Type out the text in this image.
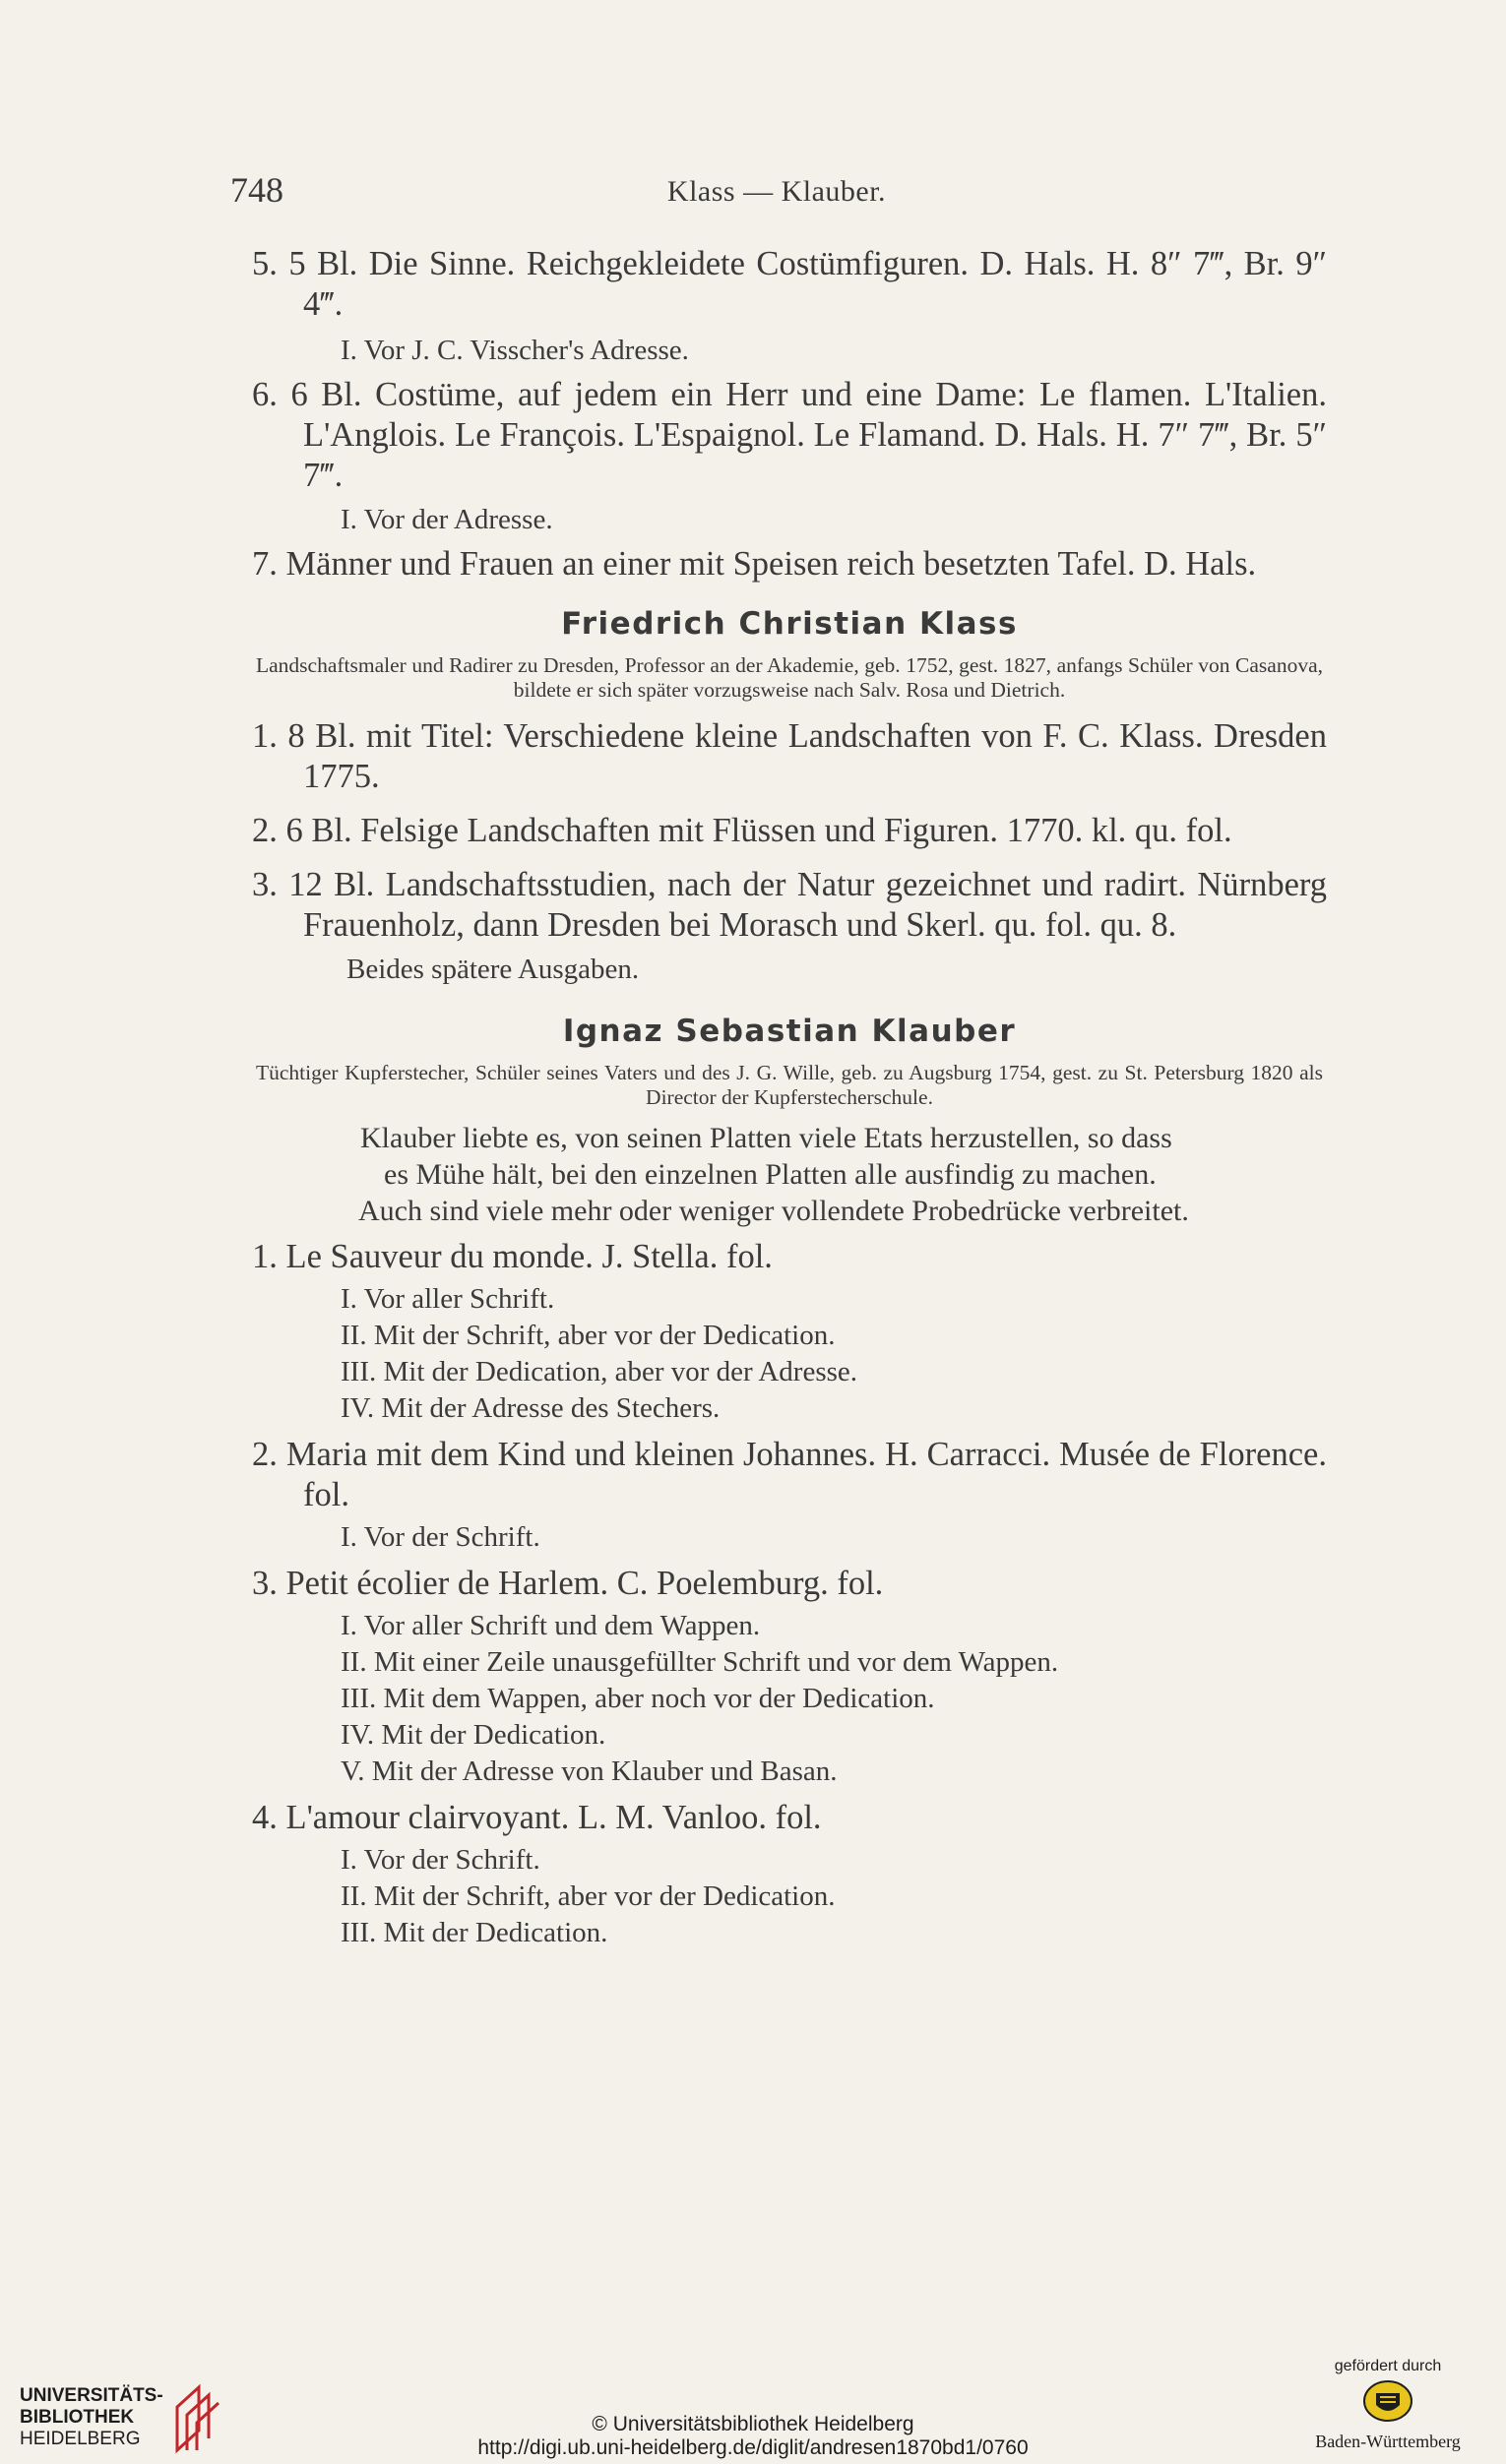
748	Klass — Klauber.
5. 5 Bl. Die Sinne. Reichgekleidete Costümfiguren. D. Hals. H. 8″ 7‴, Br. 9″ 4‴.
I. Vor J. C. Visscher's Adresse.
6. 6 Bl. Costüme, auf jedem ein Herr und eine Dame: Le flamen. L'Italien. L'Anglois. Le François. L'Espaignol. Le Flamand. D. Hals. H. 7″ 7‴, Br. 5″ 7‴.
I. Vor der Adresse.
7. Männer und Frauen an einer mit Speisen reich besetzten Tafel. D. Hals.
Friedrich Christian Klass
Landschaftsmaler und Radirer zu Dresden, Professor an der Akademie, geb. 1752, gest. 1827, anfangs Schüler von Casanova, bildete er sich später vorzugsweise nach Salv. Rosa und Dietrich.
1. 8 Bl. mit Titel: Verschiedene kleine Landschaften von F. C. Klass. Dresden 1775.
2. 6 Bl. Felsige Landschaften mit Flüssen und Figuren. 1770. kl. qu. fol.
3. 12 Bl. Landschaftsstudien, nach der Natur gezeichnet und radirt. Nürnberg Frauenholz, dann Dresden bei Morasch und Skerl. qu. fol. qu. 8.
Beides spätere Ausgaben.
Ignaz Sebastian Klauber
Tüchtiger Kupferstecher, Schüler seines Vaters und des J. G. Wille, geb. zu Augsburg 1754, gest. zu St. Petersburg 1820 als Director der Kupferstecherschule.
Klauber liebte es, von seinen Platten viele Etats herzustellen, so dass
es Mühe hält, bei den einzelnen Platten alle ausfindig zu machen.
Auch sind viele mehr oder weniger vollendete Probedrücke verbreitet.
1. Le Sauveur du monde. J. Stella. fol.
I. Vor aller Schrift.
II. Mit der Schrift, aber vor der Dedication.
III. Mit der Dedication, aber vor der Adresse.
IV. Mit der Adresse des Stechers.
2. Maria mit dem Kind und kleinen Johannes. H. Carracci. Musée de Florence. fol.
I. Vor der Schrift.
3. Petit écolier de Harlem. C. Poelemburg. fol.
I. Vor aller Schrift und dem Wappen.
II. Mit einer Zeile unausgefüllter Schrift und vor dem Wappen.
III. Mit dem Wappen, aber noch vor der Dedication.
IV. Mit der Dedication.
V. Mit der Adresse von Klauber und Basan.
4. L'amour clairvoyant. L. M. Vanloo. fol.
I. Vor der Schrift.
II. Mit der Schrift, aber vor der Dedication.
III. Mit der Dedication.
UNIVERSITÄTS-
BIBLIOTHEK
HEIDELBERG
© Universitätsbibliothek Heidelberg
http://digi.ub.uni-heidelberg.de/diglit/andresen1870bd1/0760
gefördert durch
Baden-Württemberg
